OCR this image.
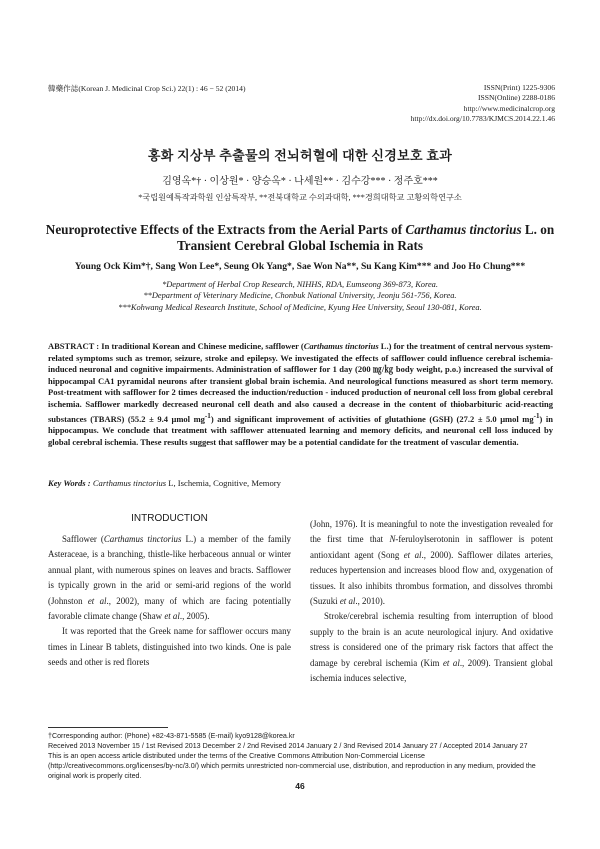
韓藥作誌(Korean J. Medicinal Crop Sci.) 22(1) : 46 − 52 (2014)	ISSN(Print) 1225-9306
ISSN(Online) 2288-0186
http://www.medicinalcrop.org
http://dx.doi.org/10.7783/KJMCS.2014.22.1.46
홍화 지상부 추출물의 전뇌허혈에 대한 신경보호 효과
김영옥*† · 이상원* · 양승옥* · 나세원** · 김수강*** · 정주호***
*국립원예특작과학원 인삼특작부, **전북대학교 수의과대학, ***경희대학교 고황의학연구소
Neuroprotective Effects of the Extracts from the Aerial Parts of Carthamus tinctorius L. on Transient Cerebral Global Ischemia in Rats
Young Ock Kim*†, Sang Won Lee*, Seung Ok Yang*, Sae Won Na**, Su Kang Kim*** and Joo Ho Chung***
*Department of Herbal Crop Research, NIHHS, RDA, Eumseong 369-873, Korea.
**Department of Veterinary Medicine, Chonbuk National University, Jeonju 561-756, Korea.
***Kohwang Medical Research Institute, School of Medicine, Kyung Hee University, Seoul 130-081, Korea.
ABSTRACT : In traditional Korean and Chinese medicine, safflower (Carthamus tinctorius L.) for the treatment of central nervous system-related symptoms such as tremor, seizure, stroke and epilepsy. We investigated the effects of safflower could influence cerebral ischemia-induced neuronal and cognitive impairments. Administration of safflower for 1 day (200 ㎎/㎏ body weight, p.o.) increased the survival of hippocampal CA1 pyramidal neurons after transient global brain ischemia. And neurological functions measured as short term memory. Post-treatment with safflower for 2 times decreased the induction/reduction - induced production of neuronal cell loss from global cerebral ischemia. Safflower markedly decreased neuronal cell death and also caused a decrease in the content of thiobarbituric acid-reacting substances (TBARS) (55.2 ± 9.4 μmol $mg^{-1}$) and significant improvement of activities of glutathione (GSH) (27.2 ± 5.0 μmol $mg^{-1}$) in hippocampus. We conclude that treatment with safflower attenuated learning and memory deficits, and neuronal cell loss induced by global cerebral ischemia. These results suggest that safflower may be a potential candidate for the treatment of vascular dementia.
Key Words : Carthamus tinctorius L, Ischemia, Cognitive, Memory
INTRODUCTION

Safflower (Carthamus tinctorius L.) a member of the family Asteraceae, is a branching, thistle-like herbaceous annual or winter annual plant, with numerous spines on leaves and bracts. Safflower is typically grown in the arid or semi-arid regions of the world (Johnston et al., 2002), many of which are facing potentially favorable climate change (Shaw et al., 2005).

It was reported that the Greek name for safflower occurs many times in Linear B tablets, distinguished into two kinds. One is pale seeds and other is red florets

(John, 1976). It is meaningful to note the investigation revealed for the first time that N-feruloylserotonin in safflower is potent antioxidant agent (Song et al., 2000). Safflower dilates arteries, reduces hypertension and increases blood flow and, oxygenation of tissues. It also inhibits thrombus formation, and dissolves thrombi (Suzuki et al., 2010).

Stroke/cerebral ischemia resulting from interruption of blood supply to the brain is an acute neurological injury. And oxidative stress is considered one of the primary risk factors that affect the damage by cerebral ischemia (Kim et al., 2009). Transient global ischemia induces selective,

†Corresponding author: (Phone) +82-43-871-5585 (E-mail) kyo9128@korea.kr
Received 2013 November 15 / 1st Revised 2013 December 2 / 2nd Revised 2014 January 2 / 3nd Revised 2014 January 27 / Accepted 2014 January 27
This is an open access article distributed under the terms of the Creative Commons Attribution Non-Commercial License (http://creativecommons.org/licenses/by-nc/3.0/) which permits unrestricted non-commercial use, distribution, and reproduction in any medium, provided the original work is properly cited.
46
